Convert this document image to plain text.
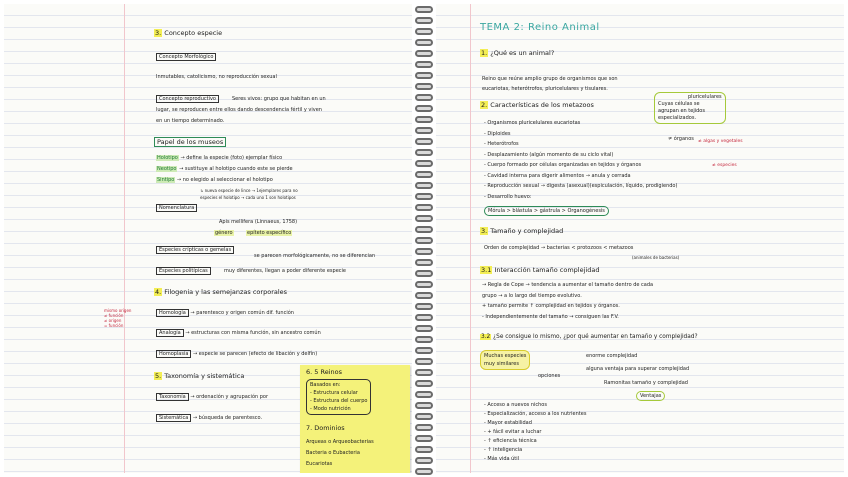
3. Concepto especie
Concepto Morfológico
Inmutables, catolicismo, no reproducción sexual
Concepto reproductivo	Seres vivos: grupo que habitan en un
lugar, se reproducen entre ellos dando descendencia fértil y viven
en un tiempo determinado.
Papel de los museos
Holotipo → define la especie (foto) ejemplar físico
Neotipo → sustituye al holotipo cuando este se pierde
Sintipo → no elegido al seleccionar el holotipo
↳ nueva especie de lince → 1ejemplares para no
especies el holotipo → cada uno 1 son holotipos
Nomenclatura
Apis mellifera (Linnaeus, 1758)
género	epíteto específico
Especies crípticas o gemelas
se parecen morfológicamente, no se diferencian
Especies politípicas	muy diferentes, llegan a poder diferente especie
4. Filogenia y las semejanzas corporales
mismo origen
≠ función
≠ origen
= función
Homología → parentesco y origen común dif. función
Analogía → estructuras con misma función, sin ancestro común
Homoplasia → especie se parecen (efecto de libación y delfín)
5. Taxonomía y sistemática
Taxonomía → ordenación y agrupación por
Sistemática → búsqueda de parentesco.
6. 5 Reinos
Basados en:
- Estructura celular
- Estructura del cuerpo
- Modo nutrición
7. Dominios
Arqueas o Arqueobacterias
Bacteria o Eubacteria
Eucariotas
TEMA 2: Reino Animal
1. ¿Qué es un animal?
Reino que reúne amplio grupo de organismos que son
eucariotas, heterótrofos, pluricelulares y tisulares.
pluricelulares
Cuyas células se
agrupan en tejidos
especializados.
2. Características de los metazoos
- Organismos pluricelulares eucariotas
- Diploides
- Heterótrofos
- Desplazamiento (algún momento de su ciclo vital)
- Cuerpo formado por células organizadas en tejidos y órganos
- Cavidad interna para digerir alimentos → anula y cerrada
- Reproducción sexual → digesta (asexual)(espiculación, líquido, prodigiendo)
- Desarrollo huevo:
≠ órganos ≠ algas y vegetales
≠ especies
Mórula > blástula > gástrula > Organogénesis
3. Tamaño y complejidad
Orden de complejidad → bacterias < protozoos < metazoos
(animales de bacterias)
3.1 Interacción tamaño complejidad
→ Regla de Cope → tendencia a aumentar el tamaño dentro de cada
grupo → a lo largo del tiempo evolutivo.
+ tamaño permite ↑ complejidad en tejidos y órganos.
- Independientemente del tamaño → consiguen las F.V.
3.2 ¿Se consigue lo mismo, ¿por qué aumentar en tamaño y complejidad?
Muchas especies
muy similares
enorme complejidad
alguna ventaja para superar complejidad
opciones
Ramonitas tamaño y complejidad
Ventajas
- Acceso a nuevos nichos
- Especialización, acceso a los nutrientes
- Mayor estabilidad
- + fácil evitar a luchar
- ↑ eficiencia técnica
- ↑ inteligencia
- Más vida útil
